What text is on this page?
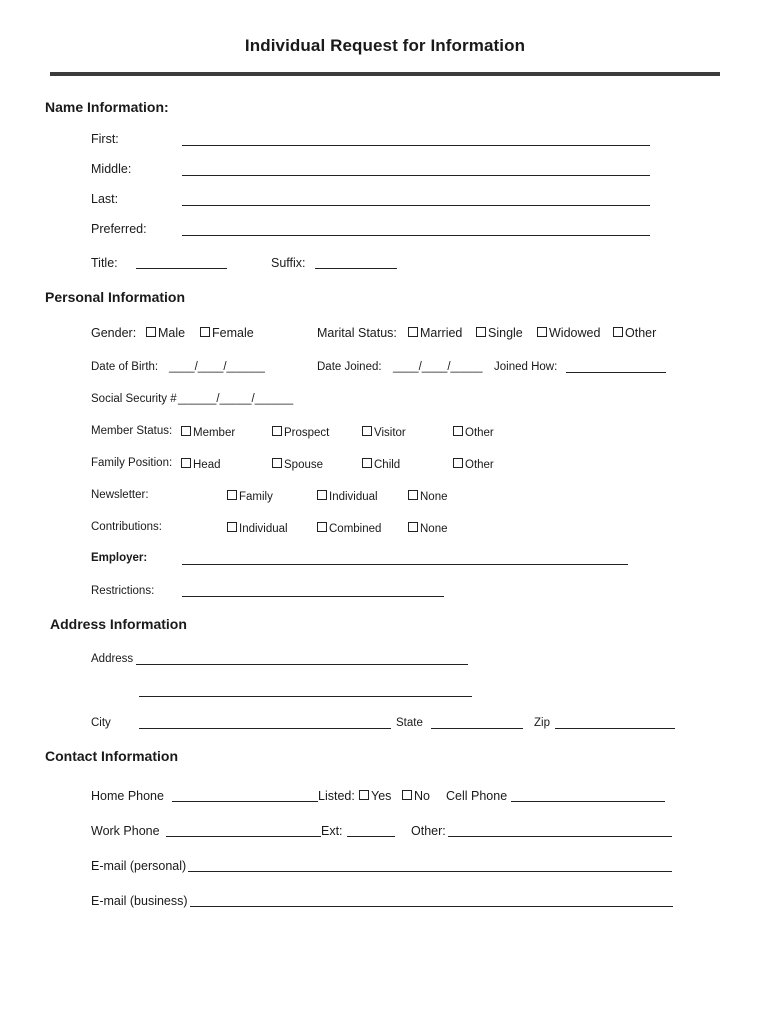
Individual Request for Information
Name Information:
First:
Middle:
Last:
Preferred:
Title:	Suffix:
Personal Information
Gender:	Male	Female	Marital Status:	Married	Single	Widowed	Other
Date of Birth: ____/____/______	Date Joined: ____/____/_____ Joined How:
Social Security # ______/_____/______
Member Status:	Member	Prospect	Visitor	Other
Family Position:	Head	Spouse	Child	Other
Newsletter:	Family	Individual	None
Contributions:	Individual	Combined	None
Employer:
Restrictions:
Address Information
Address
City	State	Zip
Contact Information
Home Phone	Listed:	Yes	No Cell Phone
Work Phone	Ext:	Other:
E-mail (personal)
E-mail (business)
